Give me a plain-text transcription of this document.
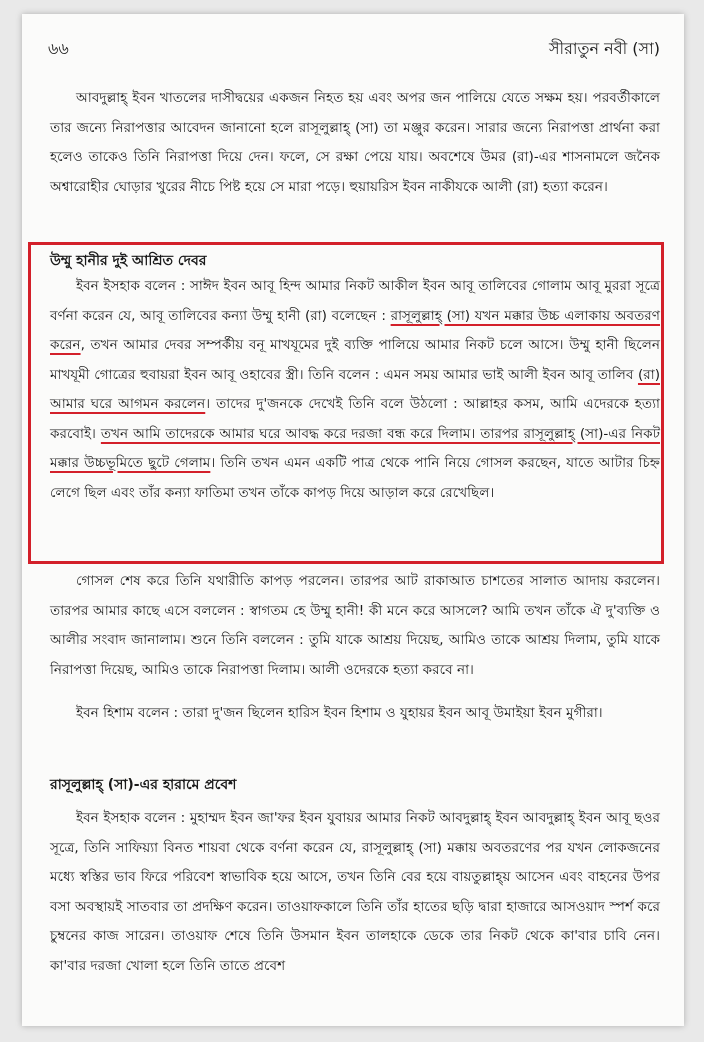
৬৬	সীরাতুন নবী (সা)

আবদুল্লাহ্ ইবন খাতলের দাসীদ্বয়ের একজন নিহত হয় এবং অপর জন পালিয়ে যেতে সক্ষম হয়। পরবর্তীকালে তার জন্যে নিরাপত্তার আবেদন জানানো হলে রাসূলুল্লাহ্ (সা) তা মঞ্জুর করেন। সারার জন্যে নিরাপত্তা প্রার্থনা করা হলেও তাকেও তিনি নিরাপত্তা দিয়ে দেন। ফলে, সে রক্ষা পেয়ে যায়। অবশেষে উমর (রা)-এর শাসনামলে জনৈক অশ্বারোহীর ঘোড়ার খুরের নীচে পিষ্ট হয়ে সে মারা পড়ে। হুয়ায়রিস ইবন নাকীযকে আলী (রা) হত্যা করেন।

উম্মু হানীর দুই আশ্রিত দেবর

ইবন ইসহাক বলেন : সাঈদ ইবন আবূ হিন্দ আমার নিকট আকীল ইবন আবূ তালিবের গোলাম আবূ মুররা সূত্রে বর্ণনা করেন যে, আবূ তালিবের কন্যা উম্মু হানী (রা) বলেছেন : রাসূলুল্লাহ্ (সা) যখন মক্কার উচ্চ এলাকায় অবতরণ করেন, তখন আমার দেবর সম্পর্কীয় বনূ মাখযূমের দুই ব্যক্তি পালিয়ে আমার নিকট চলে আসে। উম্মু হানী ছিলেন মাখযূমী গোত্রের হুবায়রা ইবন আবূ ওহাবের স্ত্রী। তিনি বলেন : এমন সময় আমার ভাই আলী ইবন আবূ তালিব (রা) আমার ঘরে আগমন করলেন। তাদের দু'জনকে দেখেই তিনি বলে উঠলো : আল্লাহর কসম, আমি এদেরকে হত্যা করবোই। তখন আমি তাদেরকে আমার ঘরে আবদ্ধ করে দরজা বন্ধ করে দিলাম। তারপর রাসূলুল্লাহ্ (সা)-এর নিকট মক্কার উচ্চভূমিতে ছুটে গেলাম। তিনি তখন এমন একটি পাত্র থেকে পানি নিয়ে গোসল করছেন, যাতে আটার চিহ্ন লেগে ছিল এবং তাঁর কন্যা ফাতিমা তখন তাঁকে কাপড় দিয়ে আড়াল করে রেখেছিল।

গোসল শেষ করে তিনি যথারীতি কাপড় পরলেন। তারপর আট রাকাআত চাশতের সালাত আদায় করলেন। তারপর আমার কাছে এসে বললেন : স্বাগতম হে উম্মু হানী! কী মনে করে আসলে? আমি তখন তাঁকে ঐ দু'ব্যক্তি ও আলীর সংবাদ জানালাম। শুনে তিনি বললেন : তুমি যাকে আশ্রয় দিয়েছ, আমিও তাকে আশ্রয় দিলাম, তুমি যাকে নিরাপত্তা দিয়েছ, আমিও তাকে নিরাপত্তা দিলাম। আলী ওদেরকে হত্যা করবে না।

ইবন হিশাম বলেন : তারা দু'জন ছিলেন হারিস ইবন হিশাম ও যুহায়র ইবন আবূ উমাইয়া ইবন মুগীরা।

রাসূলুল্লাহ্ (সা)-এর হারামে প্রবেশ

ইবন ইসহাক বলেন : মুহাম্মদ ইবন জা'ফর ইবন যুবায়র আমার নিকট আবদুল্লাহ্ ইবন আবদুল্লাহ্ ইবন আবূ ছওর সূত্রে, তিনি সাফিয়্যা বিনত শায়বা থেকে বর্ণনা করেন যে, রাসূলুল্লাহ্ (সা) মক্কায় অবতরণের পর যখন লোকজনের মধ্যে স্বস্তির ভাব ফিরে পরিবেশ স্বাভাবিক হয়ে আসে, তখন তিনি বের হয়ে বায়তুল্লাহ্য় আসেন এবং বাহনের উপর বসা অবস্থায়ই সাতবার তা প্রদক্ষিণ করেন। তাওয়াফকালে তিনি তাঁর হাতের ছড়ি দ্বারা হাজারে আসওয়াদ স্পর্শ করে চুম্বনের কাজ সারেন। তাওয়াফ শেষে তিনি উসমান ইবন তালহাকে ডেকে তার নিকট থেকে কা'বার চাবি নেন। কা'বার দরজা খোলা হলে তিনি তাতে প্রবেশ
